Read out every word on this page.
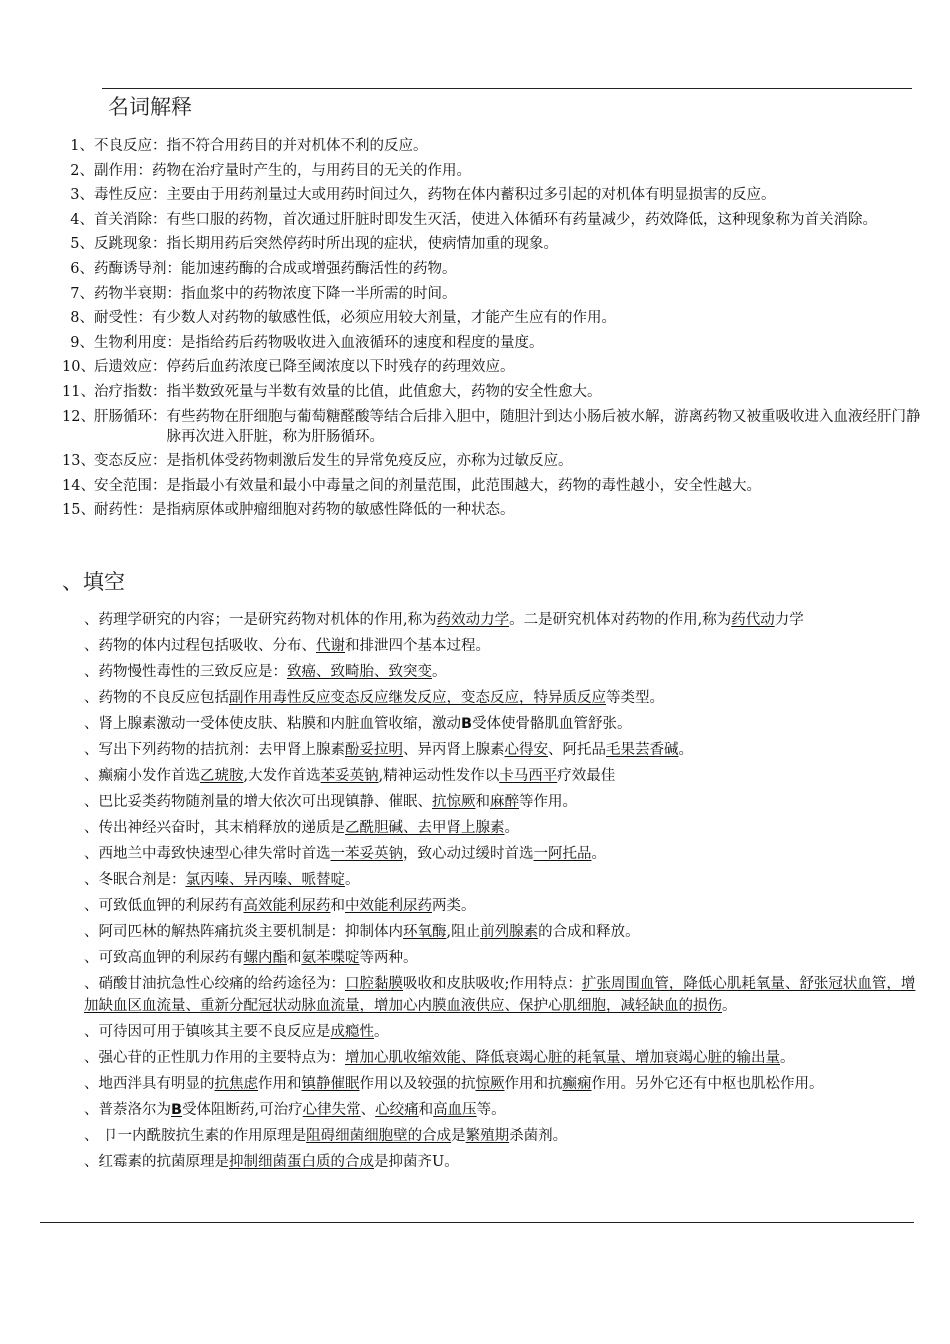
名词解释
1、 不良反应： 指不符合用药目的并对机体不利的反应。
2、 副作用： 药物在治疗量时产生的，与用药目的无关的作用。
3、 毒性反应： 主要由于用药剂量过大或用药时间过久，药物在体内蓄积过多引起的对机体有明显损害的反应。
4、 首关消除： 有些口服的药物，首次通过肝脏时即发生灭活，使进入体循环有药量减少，药效降低，这种现象称为首关消除。
5、 反跳现象： 指长期用药后突然停药时所出现的症状，使病情加重的现象。
6、 药酶诱导剂： 能加速药酶的合成或增强药酶活性的药物。
7、 药物半衰期： 指血浆中的药物浓度下降一半所需的时间。
8、 耐受性： 有少数人对药物的敏感性低，必须应用较大剂量，才能产生应有的作用。
9、 生物利用度： 是指给药后药物吸收进入血液循环的速度和程度的量度。
10、 后遗效应： 停药后血药浓度已降至阈浓度以下时残存的药理效应。
11、 治疗指数： 指半数致死量与半数有效量的比值，此值愈大，药物的安全性愈大。
12、 肝肠循环： 有些药物在肝细胞与葡萄糖醛酸等结合后排入胆中，随胆汁到达小肠后被水解，游离药物又被重吸收进入血液经肝门静脉再次进入肝脏，称为肝肠循环。
13、 变态反应： 是指机体受药物刺激后发生的异常免疫反应，亦称为过敏反应。
14、 安全范围： 是指最小有效量和最小中毒量之间的剂量范围，此范围越大，药物的毒性越小，安全性越大。
15、 耐药性： 是指病原体或肿瘤细胞对药物的敏感性降低的一种状态。
、填空
、药理学研究的内容；一是研究药物对机体的作用,称为药效动力学。二是研究机体对药物的作用,称为药代动力学
、药物的体内过程包括吸收、分布、代谢和排泄四个基本过程。
、药物慢性毒性的三致反应是：致癌、致畸胎、致突变。
、药物的不良反应包括副作用毒性反应变态反应继发反应，变态反应，特异质反应等类型。
、肾上腺素激动一受体使皮肤、粘膜和内脏血管收缩，激动B受体使骨骼肌血管舒张。
、写出下列药物的拮抗剂：去甲肾上腺素酚妥拉明、异丙肾上腺素心得安、阿托品毛果芸香碱。
、癫痫小发作首选乙琥胺,大发作首选苯妥英钠,精神运动性发作以卡马西平疗效最佳
、巴比妥类药物随剂量的增大依次可出现镇静、催眠、抗惊厥和麻醉等作用。
、传出神经兴奋时，其末梢释放的递质是乙酰胆碱、去甲肾上腺素。
、西地兰中毒致快速型心律失常时首选一苯妥英钠，致心动过缓时首选一阿托品。
、冬眠合剂是：氯丙嗪、异丙嗪、哌替啶。
、可致低血钾的利尿药有高效能利尿药和中效能利尿药两类。
、阿司匹林的解热阵痛抗炎主要机制是：抑制体内环氧酶,阻止前列腺素的合成和释放。
、可致高血钾的利尿药有螺内酯和氨苯喋啶等两种。
、硝酸甘油抗急性心绞痛的给药途径为：口腔黏膜吸收和皮肤吸收;作用特点：扩张周围血管，降低心肌耗氧量、舒张冠状血管，增加缺血区血流量、重新分配冠状动脉血流量，增加心内膜血液供应、保护心肌细胞，减轻缺血的损伤。
、可待因可用于镇咳其主要不良反应是成瘾性。
、强心苷的正性肌力作用的主要特点为：增加心肌收缩效能、降低衰竭心脏的耗氧量、增加衰竭心脏的输出量。
、地西泮具有明显的抗焦虑作用和镇静催眠作用以及较强的抗惊厥作用和抗癫痫作用。另外它还有中枢也肌松作用。
、普萘洛尔为B受体阻断药,可治疗心律失常、心绞痛和高血压等。
、 卩一内酰胺抗生素的作用原理是阻碍细菌细胞壁的合成是繁殖期杀菌剂。
、红霉素的抗菌原理是抑制细菌蛋白质的合成是抑菌齐U。
